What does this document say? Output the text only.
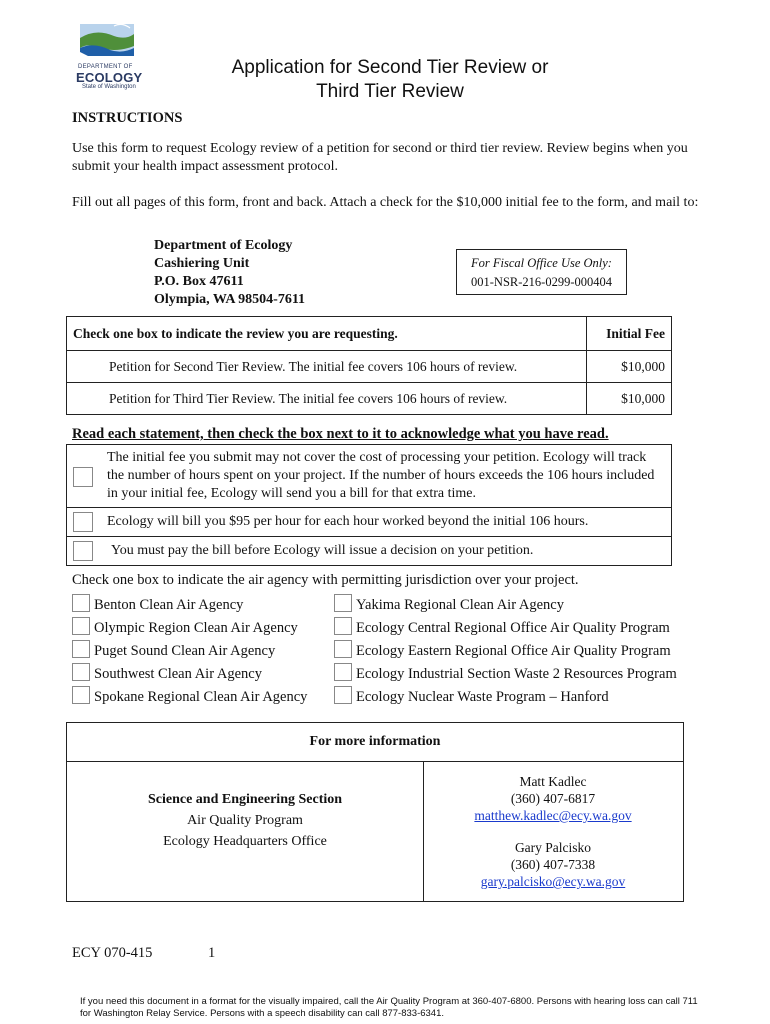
DEPARTMENT OF
ECOLOGY
State of Washington
Application for Second Tier Review or
Third Tier Review
INSTRUCTIONS
Use this form to request Ecology review of a petition for second or third tier review. Review begins when you submit your health impact assessment protocol.
Fill out all pages of this form, front and back. Attach a check for the $10,000 initial fee to the form, and mail to:
Department of Ecology
Cashiering Unit
P.O. Box 47611
Olympia, WA 98504-7611
For Fiscal Office Use Only:
001-NSR-216-0299-000404
Check one box to indicate the review you are requesting.	Initial Fee
Petition for Second Tier Review. The initial fee covers 106 hours of review.	$10,000
Petition for Third Tier Review. The initial fee covers 106 hours of review.	$10,000
Read each statement, then check the box next to it to acknowledge what you have read.
The initial fee you submit may not cover the cost of processing your petition. Ecology will track the number of hours spent on your project. If the number of hours exceeds the 106 hours included in your initial fee, Ecology will send you a bill for that extra time.
Ecology will bill you $95 per hour for each hour worked beyond the initial 106 hours.
You must pay the bill before Ecology will issue a decision on your petition.
Check one box to indicate the air agency with permitting jurisdiction over your project.
Benton Clean Air Agency
Olympic Region Clean Air Agency
Puget Sound Clean Air Agency
Southwest Clean Air Agency
Spokane Regional Clean Air Agency
Yakima Regional Clean Air Agency
Ecology Central Regional Office Air Quality Program
Ecology Eastern Regional Office Air Quality Program
Ecology Industrial Section Waste 2 Resources Program
Ecology Nuclear Waste Program – Hanford
For more information
Science and Engineering Section
Air Quality Program
Ecology Headquarters Office
Matt Kadlec
(360) 407-6817
matthew.kadlec@ecy.wa.gov
Gary Palcisko
(360) 407-7338
gary.palcisko@ecy.wa.gov
ECY 070-415	1
If you need this document in a format for the visually impaired, call the Air Quality Program at 360-407-6800. Persons with hearing loss can call 711 for Washington Relay Service. Persons with a speech disability can call 877-833-6341.
